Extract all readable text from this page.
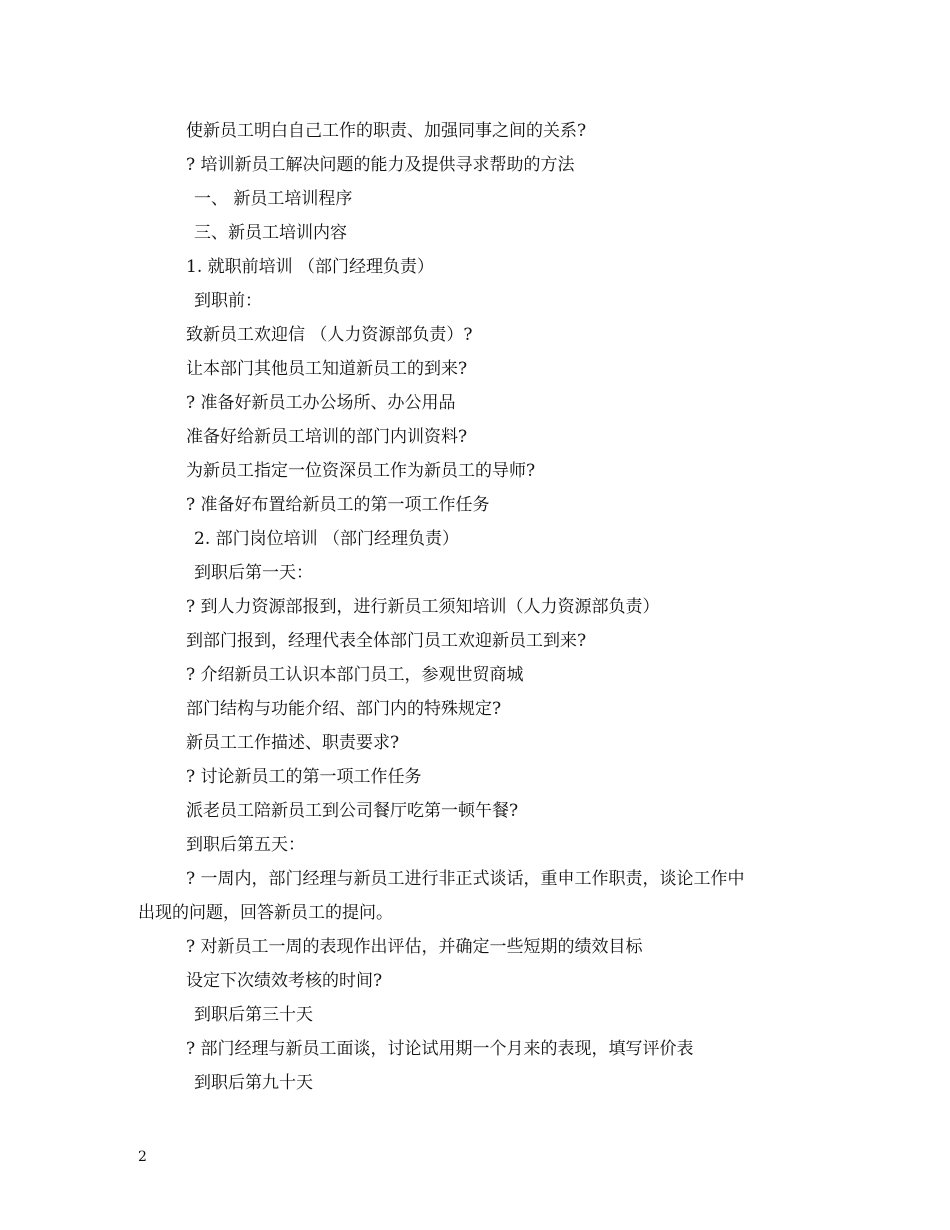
使新员工明白自己工作的职责、加强同事之间的关系?
? 培训新员工解决问题的能力及提供寻求帮助的方法
一、 新员工培训程序
三、新员工培训内容
1. 就职前培训 （部门经理负责）
到职前：
致新员工欢迎信 （人力资源部负责）?
让本部门其他员工知道新员工的到来?
? 准备好新员工办公场所、办公用品
准备好给新员工培训的部门内训资料?
为新员工指定一位资深员工作为新员工的导师?
? 准备好布置给新员工的第一项工作任务
2. 部门岗位培训 （部门经理负责）
到职后第一天：
? 到人力资源部报到，进行新员工须知培训（人力资源部负责）
到部门报到，经理代表全体部门员工欢迎新员工到来?
? 介绍新员工认识本部门员工，参观世贸商城
部门结构与功能介绍、部门内的特殊规定?
新员工工作描述、职责要求?
? 讨论新员工的第一项工作任务
派老员工陪新员工到公司餐厅吃第一顿午餐?
到职后第五天：
? 一周内，部门经理与新员工进行非正式谈话，重申工作职责，谈论工作中
出现的问题，回答新员工的提问。
? 对新员工一周的表现作出评估，并确定一些短期的绩效目标
设定下次绩效考核的时间?
到职后第三十天
? 部门经理与新员工面谈，讨论试用期一个月来的表现，填写评价表
到职后第九十天
2
